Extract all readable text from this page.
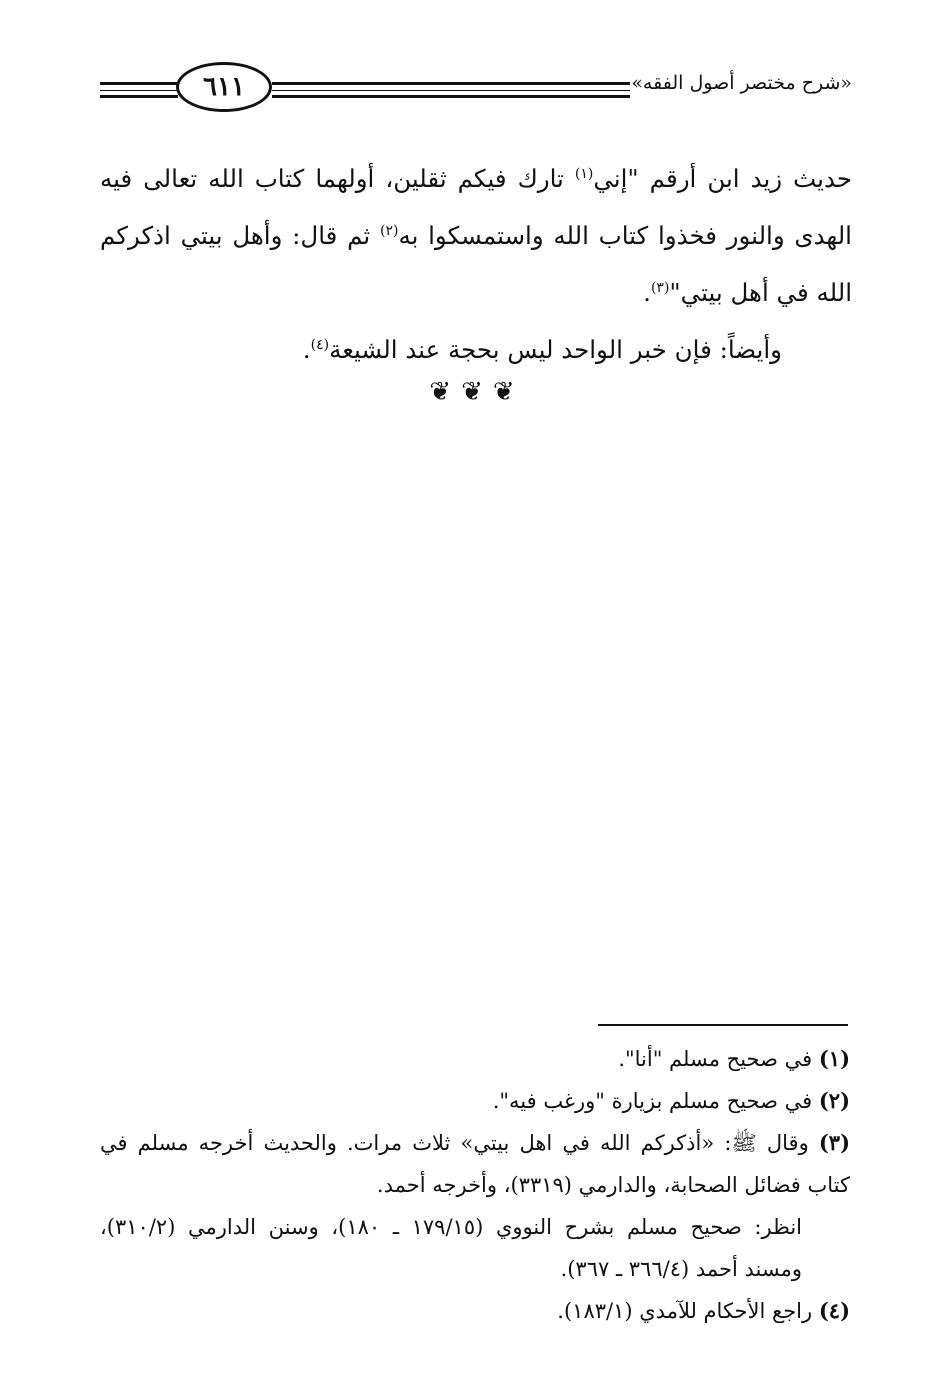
٦١١	«شرح مختصر أصول الفقه»

حديث زيد ابن أرقم "إني$^{(١)}$ تارك فيكم ثقلين، أولهما كتاب الله تعالى فيه الهدى والنور فخذوا كتاب الله واستمسكوا به$^{(٢)}$ ثم قال: وأهل بيتي اذكركم الله في أهل بيتي"$^{(٣)}$.

وأيضاً: فإن خبر الواحد ليس بحجة عند الشيعة$^{(٤)}$.

❦ ❦ ❦

(١) في صحيح مسلم "أنا".

(٢) في صحيح مسلم بزيارة "ورغب فيه".

(٣) وقال ﷺ: «أذكركم الله في اهل بيتي» ثلاث مرات. والحديث أخرجه مسلم في كتاب فضائل الصحابة، والدارمي (٣٣١٩)، وأخرجه أحمد.

انظر: صحيح مسلم بشرح النووي (١٧٩/١٥ ـ ١٨٠)، وسنن الدارمي (٣١٠/٢)، ومسند أحمد (٣٦٦/٤ ـ ٣٦٧).

(٤) راجع الأحكام للآمدي (١٨٣/١).
